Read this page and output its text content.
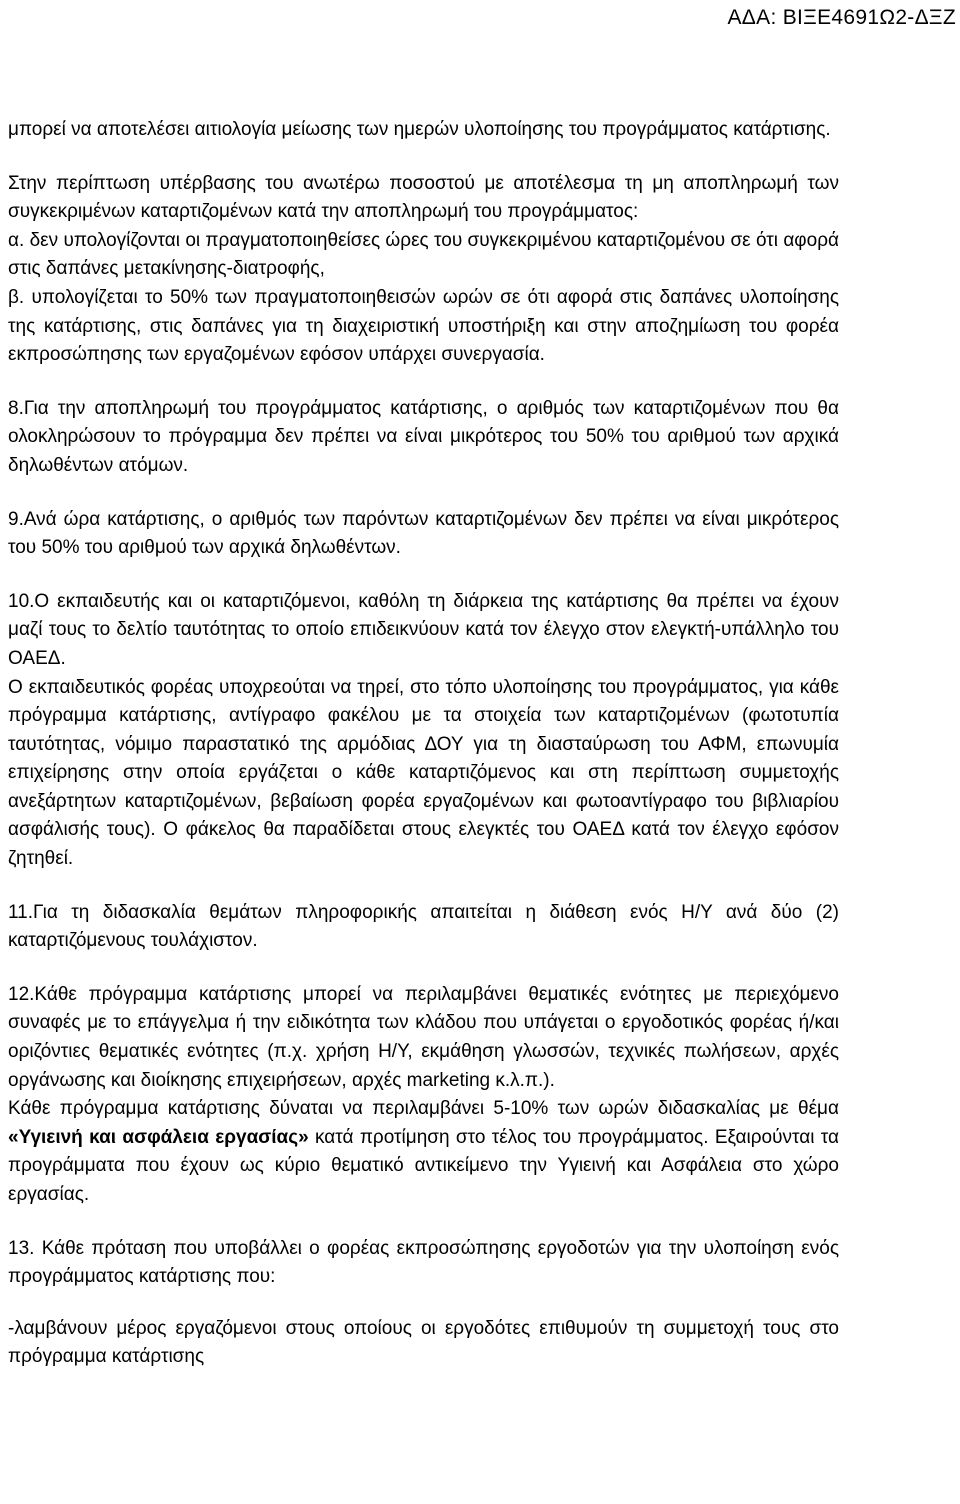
ΑΔΑ: ΒΙΞΕ4691Ω2-ΔΞΖ

μπορεί να αποτελέσει αιτιολογία μείωσης των ημερών υλοποίησης του προγράμματος κατάρτισης.

Στην περίπτωση υπέρβασης του ανωτέρω ποσοστού με αποτέλεσμα τη μη αποπληρωμή των συγκεκριμένων καταρτιζομένων κατά την αποπληρωμή του προγράμματος:

α. δεν υπολογίζονται οι πραγματοποιηθείσες ώρες του συγκεκριμένου καταρτιζομένου σε ότι αφορά στις δαπάνες μετακίνησης-διατροφής,

β. υπολογίζεται το 50% των πραγματοποιηθεισών ωρών σε ότι αφορά στις δαπάνες υλοποίησης της κατάρτισης, στις δαπάνες για τη διαχειριστική υποστήριξη και στην αποζημίωση του φορέα εκπροσώπησης των εργαζομένων εφόσον υπάρχει συνεργασία.

8.Για την αποπληρωμή του προγράμματος κατάρτισης, ο αριθμός των καταρτιζομένων που θα ολοκληρώσουν το πρόγραμμα δεν πρέπει να είναι μικρότερος του 50% του αριθμού των αρχικά δηλωθέντων ατόμων.

9.Ανά ώρα κατάρτισης, ο αριθμός των παρόντων καταρτιζομένων δεν πρέπει να είναι μικρότερος του 50% του αριθμού των αρχικά δηλωθέντων.

10.Ο εκπαιδευτής και οι καταρτιζόμενοι, καθόλη τη διάρκεια της κατάρτισης θα πρέπει να έχουν μαζί τους το δελτίο ταυτότητας το οποίο επιδεικνύουν κατά τον έλεγχο στον ελεγκτή-υπάλληλο του ΟΑΕΔ.

Ο εκπαιδευτικός φορέας υποχρεούται να τηρεί, στο τόπο υλοποίησης του προγράμματος, για κάθε πρόγραμμα κατάρτισης, αντίγραφο φακέλου με τα στοιχεία των καταρτιζομένων (φωτοτυπία ταυτότητας, νόμιμο παραστατικό της αρμόδιας ΔΟΥ για τη διασταύρωση του ΑΦΜ, επωνυμία επιχείρησης στην οποία εργάζεται ο κάθε καταρτιζόμενος και στη περίπτωση συμμετοχής ανεξάρτητων καταρτιζομένων, βεβαίωση φορέα εργαζομένων και φωτοαντίγραφο του βιβλιαρίου ασφάλισής τους). Ο φάκελος θα παραδίδεται στους ελεγκτές του ΟΑΕΔ κατά τον έλεγχο εφόσον ζητηθεί.

11.Για τη διδασκαλία θεμάτων πληροφορικής απαιτείται η διάθεση ενός Η/Υ ανά δύο (2) καταρτιζόμενους τουλάχιστον.

12.Κάθε πρόγραμμα κατάρτισης μπορεί να περιλαμβάνει θεματικές ενότητες με περιεχόμενο συναφές με το επάγγελμα ή την ειδικότητα των κλάδου που υπάγεται ο εργοδοτικός φορέας ή/και οριζόντιες θεματικές ενότητες (π.χ. χρήση Η/Υ, εκμάθηση γλωσσών, τεχνικές πωλήσεων, αρχές οργάνωσης και διοίκησης επιχειρήσεων, αρχές marketing κ.λ.π.).

Κάθε πρόγραμμα κατάρτισης δύναται να περιλαμβάνει 5-10% των ωρών διδασκαλίας με θέμα «Υγιεινή και ασφάλεια εργασίας» κατά προτίμηση στο τέλος του προγράμματος. Εξαιρούνται τα προγράμματα που έχουν ως κύριο θεματικό αντικείμενο την Υγιεινή και Ασφάλεια στο χώρο εργασίας.

13. Κάθε πρόταση που υποβάλλει ο φορέας εκπροσώπησης εργοδοτών για την υλοποίηση ενός προγράμματος κατάρτισης που:

-λαμβάνουν μέρος εργαζόμενοι στους οποίους οι εργοδότες επιθυμούν τη συμμετοχή τους στο πρόγραμμα κατάρτισης
